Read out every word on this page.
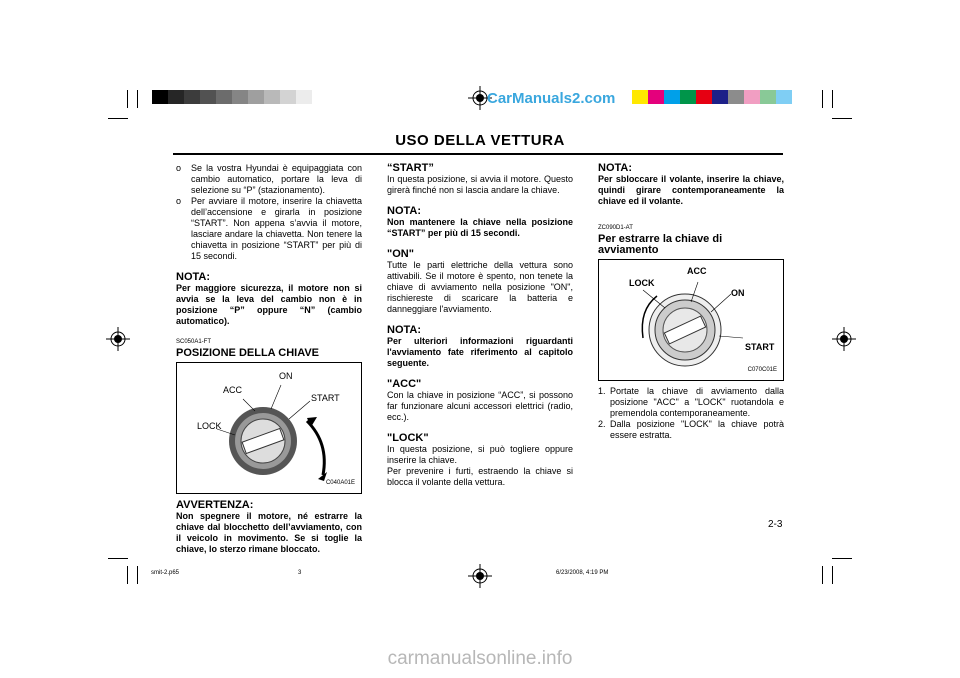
CarManuals2.com
USO DELLA VETTURA

o Se la vostra Hyundai è equipaggiata con cambio automatico, portare la leva di selezione su “P” (stazionamento).

o Per avviare il motore, inserire la chiavetta dell’accensione e girarla in posizione “START”. Non appena s’avvia il motore, lasciare andare la chiavetta. Non tenere la chiavetta in posizione “START” per più di 15 secondi.

NOTA:

Per maggiore sicurezza, il motore non si avvia se la leva del cambio non è in posizione “P” oppure “N” (cambio automatico).

SC050A1-FT

POSIZIONE DELLA CHIAVE

ON
ACC
START
LOCK
C040A01E

AVVERTENZA:

Non spegnere il motore, né estrarre la chiave dal blocchetto dell’avviamento, con il veicolo in movimento. Se si toglie la chiave, lo sterzo rimane bloccato.

“START”

In questa posizione, si avvia il motore. Questo girerà finché non si lascia andare la chiave.

NOTA:

Non mantenere la chiave nella posizione “START” per più di 15 secondi.

"ON"

Tutte le parti elettriche della vettura sono attivabili. Se il motore è spento, non tenete la chiave di avviamento nella posizione "ON", rischiereste di scaricare la batteria e danneggiare l'avviamento.

NOTA:

Per ulteriori informazioni riguardanti l'avviamento fate riferimento al capitolo seguente.

"ACC"

Con la chiave in posizione “ACC”, si possono far funzionare alcuni accessori elettrici (radio, ecc.).

"LOCK"

In questa posizione, si può togliere oppure inserire la chiave.

Per prevenire i furti, estraendo la chiave si blocca il volante della vettura.

NOTA:

Per sbloccare il volante, inserire la chiave, quindi girare contemporaneamente la chiave ed il volante.

ZC090D1-AT

Per estrarre la chiave di avviamento

ACC
LOCK
ON
START
C070C01E

1. Portate la chiave di avviamento dalla posizione "ACC" a "LOCK" ruotandola e premendola contemporaneamente.

2. Dalla posizione "LOCK" la chiave potrà essere estratta.

2-3
smit-2.p65	3	6/23/2008, 4:19 PM
carmanualsonline.info
